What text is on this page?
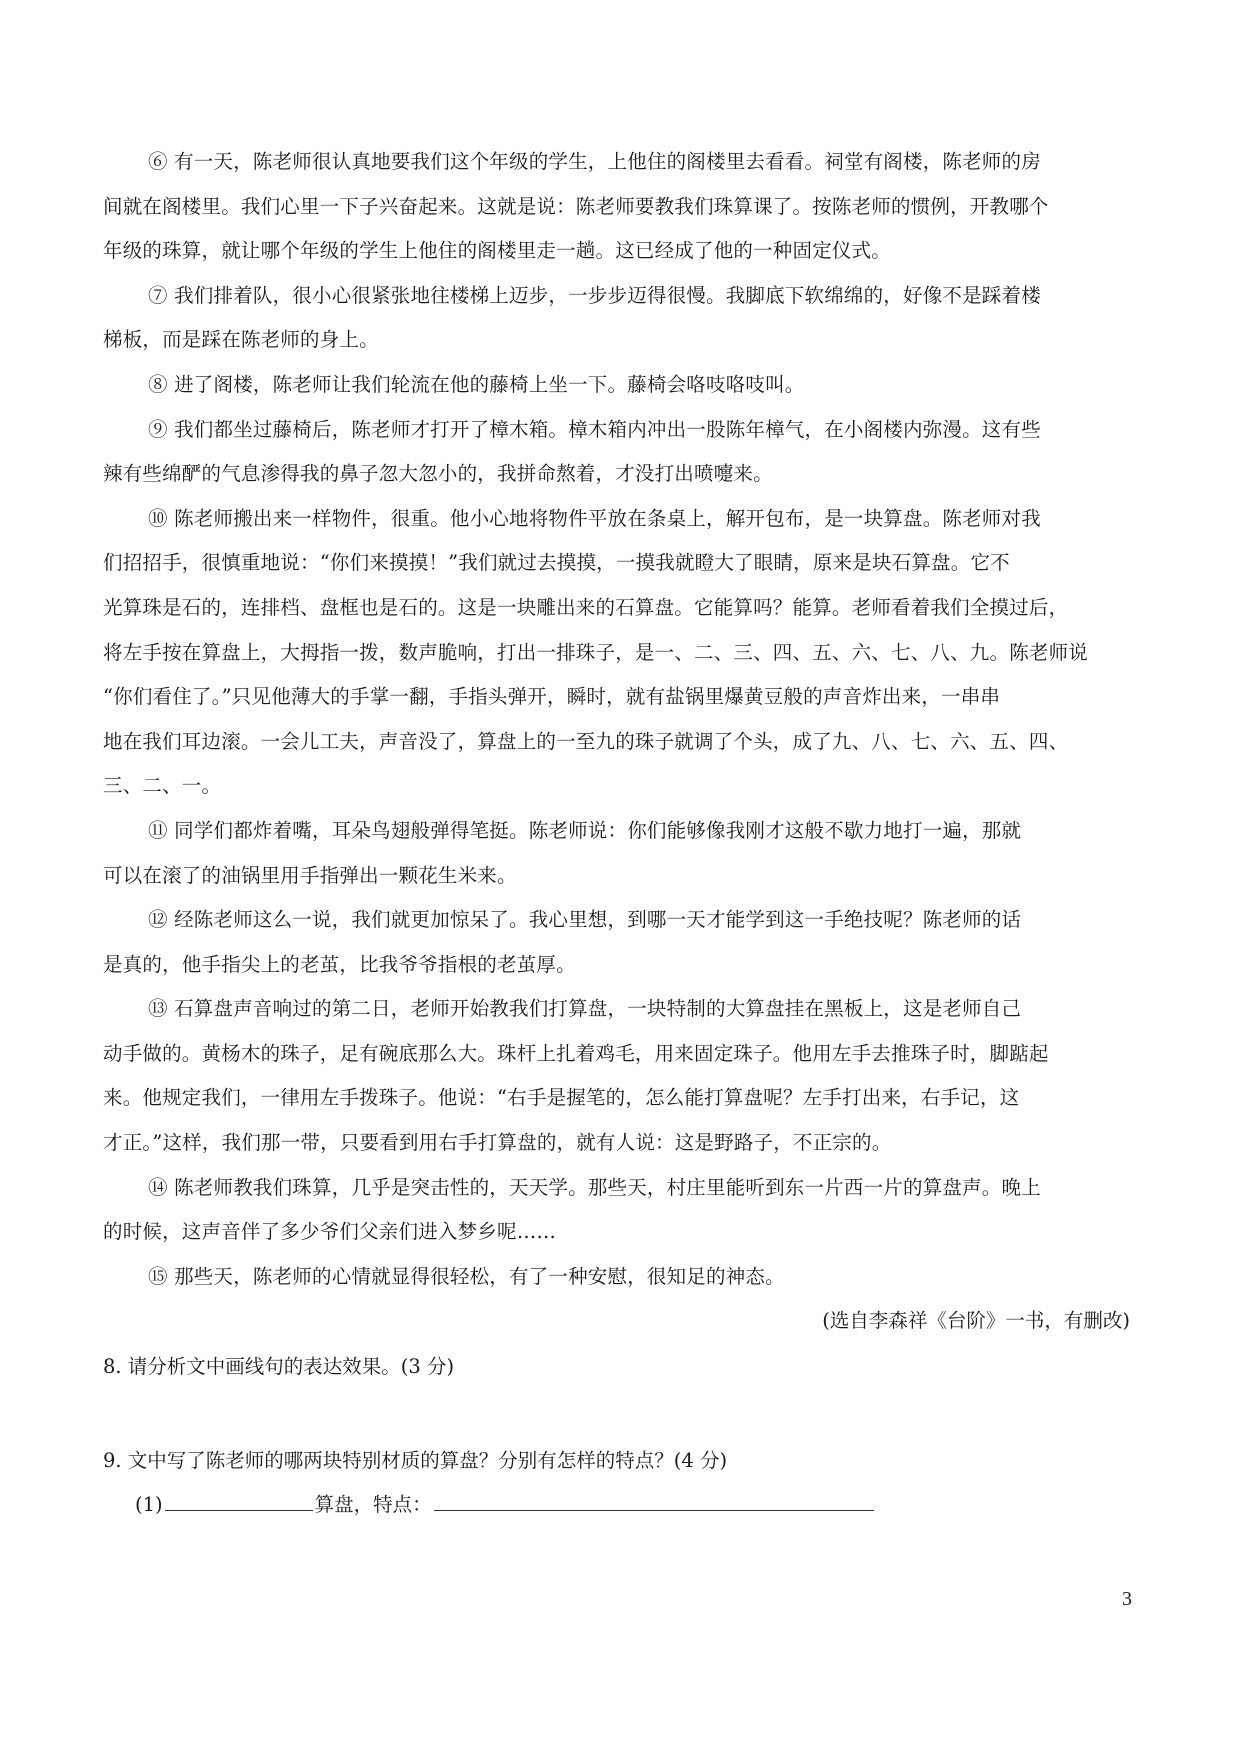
⑥ 有一天，陈老师很认真地要我们这个年级的学生，上他住的阁楼里去看看。祠堂有阁楼，陈老师的房
间就在阁楼里。我们心里一下子兴奋起来。这就是说：陈老师要教我们珠算课了。按陈老师的惯例，开教哪个
年级的珠算，就让哪个年级的学生上他住的阁楼里走一趟。这已经成了他的一种固定仪式。

⑦ 我们排着队，很小心很紧张地往楼梯上迈步，一步步迈得很慢。我脚底下软绵绵的，好像不是踩着楼
梯板，而是踩在陈老师的身上。

⑧ 进了阁楼，陈老师让我们轮流在他的藤椅上坐一下。藤椅会咯吱咯吱叫。

⑨ 我们都坐过藤椅后，陈老师才打开了樟木箱。樟木箱内冲出一股陈年樟气，在小阁楼内弥漫。这有些
辣有些绵酽的气息渗得我的鼻子忽大忽小的，我拼命熬着，才没打出喷嚏来。

⑩ 陈老师搬出来一样物件，很重。他小心地将物件平放在条桌上，解开包布，是一块算盘。陈老师对我
们招招手，很慎重地说：“你们来摸摸！”我们就过去摸摸，一摸我就瞪大了眼睛，原来是块石算盘。它不
光算珠是石的，连排档、盘框也是石的。这是一块雕出来的石算盘。它能算吗？能算。老师看着我们全摸过后，
将左手按在算盘上，大拇指一拨，数声脆响，打出一排珠子，是一、二、三、四、五、六、七、八、九。陈老师说
“你们看住了。”只见他薄大的手掌一翻，手指头弹开，瞬时，就有盐锅里爆黄豆般的声音炸出来，一串串
地在我们耳边滚。一会儿工夫，声音没了，算盘上的一至九的珠子就调了个头，成了九、八、七、六、五、四、
三、二、一。

⑪ 同学们都炸着嘴，耳朵鸟翅般弹得笔挺。陈老师说：你们能够像我刚才这般不歇力地打一遍，那就
可以在滚了的油锅里用手指弹出一颗花生米来。

⑫ 经陈老师这么一说，我们就更加惊呆了。我心里想，到哪一天才能学到这一手绝技呢？陈老师的话
是真的，他手指尖上的老茧，比我爷爷指根的老茧厚。

⑬ 石算盘声音响过的第二日，老师开始教我们打算盘，一块特制的大算盘挂在黑板上，这是老师自己
动手做的。黄杨木的珠子，足有碗底那么大。珠杆上扎着鸡毛，用来固定珠子。他用左手去推珠子时，脚踮起
来。他规定我们，一律用左手拨珠子。他说：“右手是握笔的，怎么能打算盘呢？左手打出来，右手记，这
才正。”这样，我们那一带，只要看到用右手打算盘的，就有人说：这是野路子，不正宗的。

⑭ 陈老师教我们珠算，几乎是突击性的，天天学。那些天，村庄里能听到东一片西一片的算盘声。晚上
的时候，这声音伴了多少爷们父亲们进入梦乡呢……

⑮ 那些天，陈老师的心情就显得很轻松，有了一种安慰，很知足的神态。

(选自李森祥《台阶》一书，有删改)

8. 请分析文中画线句的表达效果。(3 分)

9. 文中写了陈老师的哪两块特别材质的算盘？分别有怎样的特点？(4 分)

(1)	算盘，特点：

3
